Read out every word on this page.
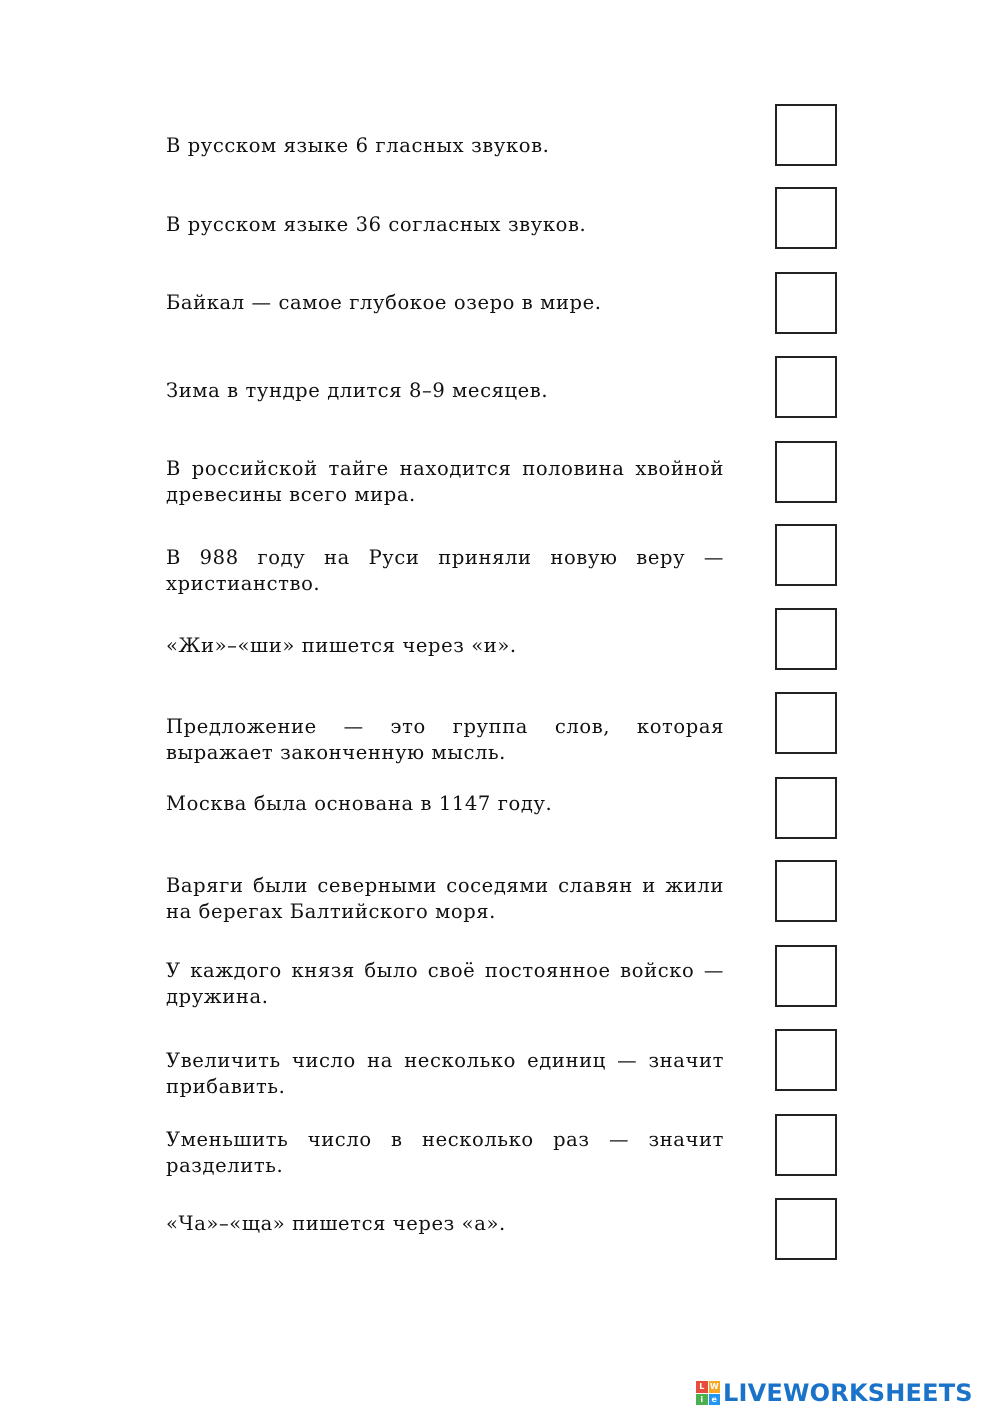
В русском языке 6 гласных звуков.
В русском языке 36 согласных звуков.
Байкал — самое глубокое озеро в мире.
Зима в тундре длится 8–9 месяцев.
В российской тайге находится половина хвойной древесины всего мира.
В 988 году на Руси приняли новую веру — христианство.
«Жи»–«ши» пишется через «и».
Предложение — это группа слов, которая выражает законченную мысль.
Москва была основана в 1147 году.
Варяги были северными соседями славян и жили на берегах Балтийского моря.
У каждого князя было своё постоянное войско — дружина.
Увеличить число на несколько единиц — значит прибавить.
Уменьшить число в несколько раз — значит разделить.
«Ча»–«ща» пишется через «а».
L W
i	e LIVEWORKSHEETS
